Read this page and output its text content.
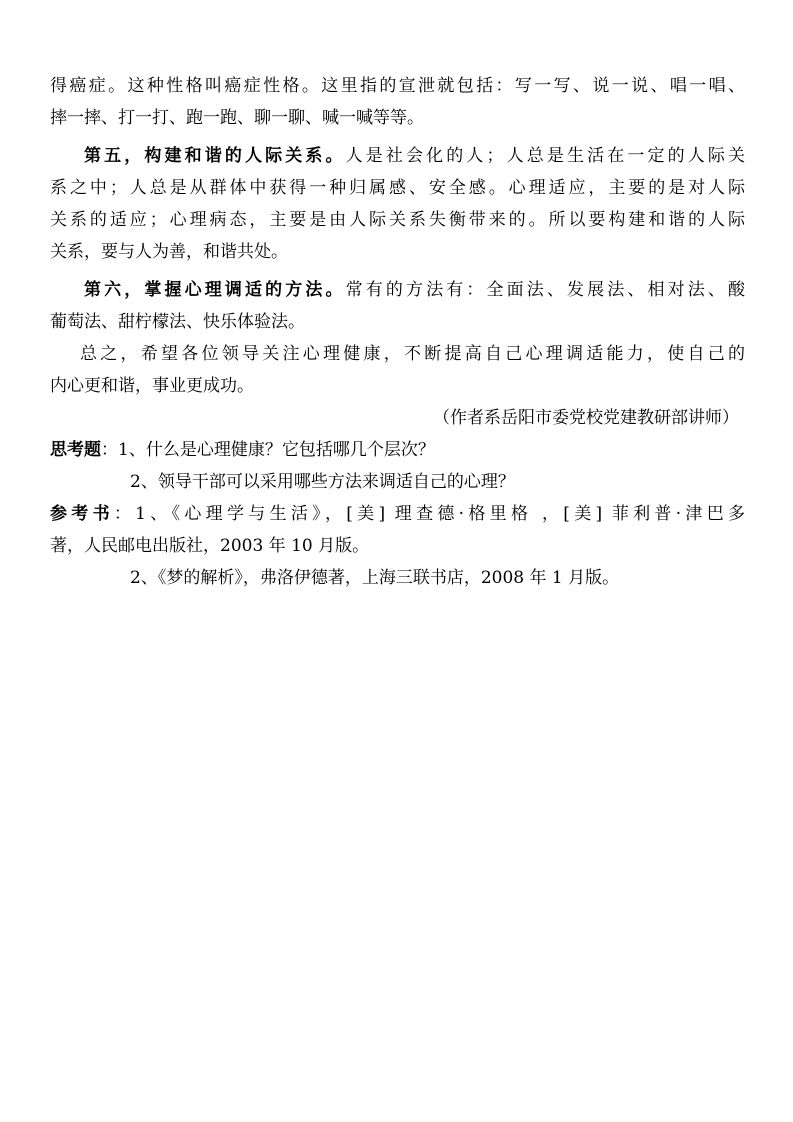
得癌症。这种性格叫癌症性格。这里指的宣泄就包括：写一写、说一说、唱一唱、
摔一摔、打一打、跑一跑、聊一聊、喊一喊等等。
第五，构建和谐的人际关系。人是社会化的人；人总是生活在一定的人际关
系之中；人总是从群体中获得一种归属感、安全感。心理适应，主要的是对人际
关系的适应；心理病态，主要是由人际关系失衡带来的。所以要构建和谐的人际
关系，要与人为善，和谐共处。
第六，掌握心理调适的方法。常有的方法有：全面法、发展法、相对法、酸
葡萄法、甜柠檬法、快乐体验法。
总之，希望各位领导关注心理健康，不断提高自己心理调适能力，使自己的
内心更和谐，事业更成功。
（作者系岳阳市委党校党建教研部讲师）
思考题：1、什么是心理健康？它包括哪几个层次？
2、领导干部可以采用哪些方法来调适自己的心理？
参考书：1、《心理学与生活》，[美] 理查德·格里格 ，[美] 菲利普·津巴多
著，人民邮电出版社，2003 年 10 月版。
2、《梦的解析》，弗洛伊德著，上海三联书店，2008 年 1 月版。
